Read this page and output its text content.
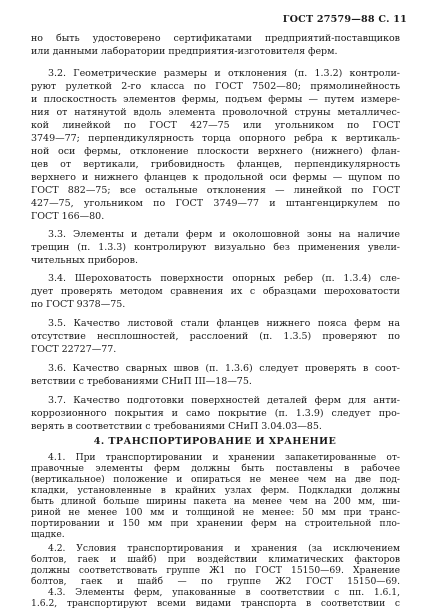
ГОСТ 27579—88 С. 11
но быть удостоверено сертификатами предприятий-поставщиков
или данными лаборатории предприятия-изготовителя ферм.
3.2. Геометрические размеры и отклонения (п. 1.3.2) контроли-
руют рулеткой 2-го класса по ГОСТ 7502—80; прямолинейность
и плоскостность элементов фермы, подъем фермы — путем измере-
ния от натянутой вдоль элемента проволочной струны металличес-
кой линейкой по ГОСТ 427—75 или угольником по ГОСТ
3749—77; перпендикулярность торца опорного ребра к вертикаль-
ной оси фермы, отклонение плоскости верхнего (нижнего) флан-
цев от вертикали, грибовидность фланцев, перпендикулярность
верхнего и нижнего фланцев к продольной оси фермы — щупом по
ГОСТ 882—75; все остальные отклонения — линейкой по ГОСТ
427—75, угольником по ГОСТ 3749—77 и штангенциркулем по
ГОСТ 166—80.
3.3. Элементы и детали ферм и околошовной зоны на наличие
трещин (п. 1.3.3) контролируют визуально без применения увели-
чительных приборов.
3.4. Шероховатость поверхности опорных ребер (п. 1.3.4) сле-
дует проверять методом сравнения их с образцами шероховатости
по ГОСТ 9378—75.
3.5. Качество листовой стали фланцев нижнего пояса ферм на
отсутствие несплошностей, расслоений (п. 1.3.5) проверяют по
ГОСТ 22727—77.
3.6. Качество сварных швов (п. 1.3.6) следует проверять в соот-
ветствии с требованиями СНиП III—18—75.
3.7. Качество подготовки поверхностей деталей ферм для анти-
коррозионного покрытия и само покрытие (п. 1.3.9) следует про-
верять в соответствии с требованиями СНиП 3.04.03—85.
4. ТРАНСПОРТИРОВАНИЕ И ХРАНЕНИЕ
4.1. При транспортировании и хранении запакетированные от-
правочные элементы ферм должны быть поставлены в рабочее
(вертикальное) положение и опираться не менее чем на две под-
кладки, установленные в крайних узлах ферм. Подкладки должны
быть длиной больше ширины пакета на менее чем на 200 мм, ши-
риной не менее 100 мм и толщиной не менее: 50 мм при транс-
портировании и 150 мм при хранении ферм на строительной пло-
щадке.
4.2. Условия транспортирования и хранения (за исключением
болтов, гаек и шайб) при воздействии климатических факторов
должны соответствовать группе Ж1 по ГОСТ 15150—69. Хранение
болтов, гаек и шайб — по группе Ж2 ГОСТ 15150—69.
4.3. Элементы ферм, упакованные в соответствии с пп. 1.6.1,
1.6.2, транспортируют всеми видами транспорта в соответствии с
